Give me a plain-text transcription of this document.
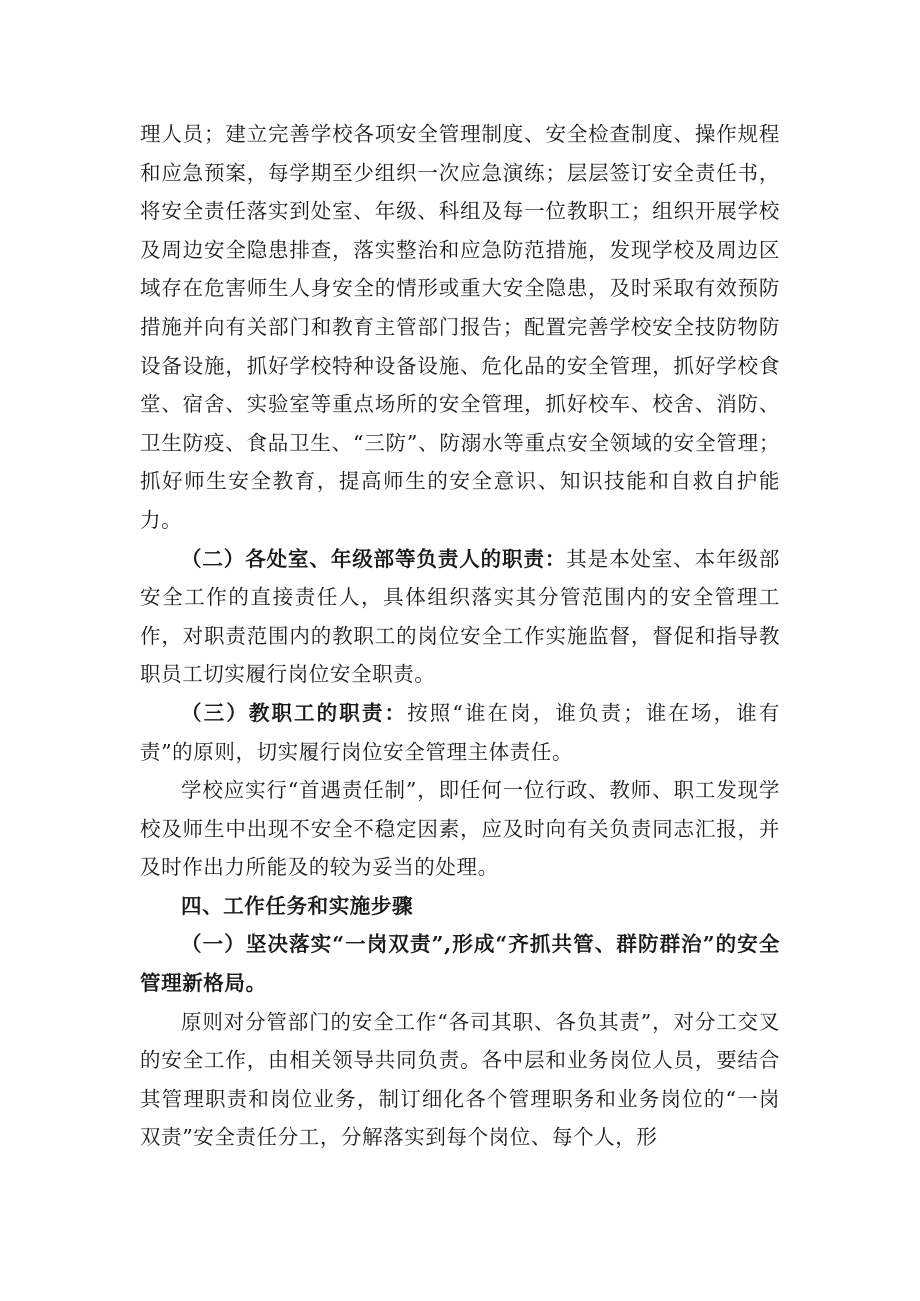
理人员；建立完善学校各项安全管理制度、安全检查制度、操作规程和应急预案，每学期至少组织一次应急演练；层层签订安全责任书，将安全责任落实到处室、年级、科组及每一位教职工；组织开展学校及周边安全隐患排查，落实整治和应急防范措施，发现学校及周边区域存在危害师生人身安全的情形或重大安全隐患，及时采取有效预防措施并向有关部门和教育主管部门报告；配置完善学校安全技防物防设备设施，抓好学校特种设备设施、危化品的安全管理，抓好学校食堂、宿舍、实验室等重点场所的安全管理，抓好校车、校舍、消防、卫生防疫、食品卫生、“三防”、防溺水等重点安全领域的安全管理；抓好师生安全教育，提高师生的安全意识、知识技能和自救自护能力。

（二）各处室、年级部等负责人的职责：其是本处室、本年级部安全工作的直接责任人，具体组织落实其分管范围内的安全管理工作，对职责范围内的教职工的岗位安全工作实施监督，督促和指导教职员工切实履行岗位安全职责。

（三）教职工的职责：按照“谁在岗，谁负责；谁在场，谁有责”的原则，切实履行岗位安全管理主体责任。

学校应实行“首遇责任制”，即任何一位行政、教师、职工发现学校及师生中出现不安全不稳定因素，应及时向有关负责同志汇报，并及时作出力所能及的较为妥当的处理。

四、工作任务和实施步骤

（一）坚决落实“一岗双责”,形成“齐抓共管、群防群治”的安全管理新格局。

原则对分管部门的安全工作“各司其职、各负其责”，对分工交叉的安全工作，由相关领导共同负责。各中层和业务岗位人员，要结合其管理职责和岗位业务，制订细化各个管理职务和业务岗位的“一岗双责”安全责任分工，分解落实到每个岗位、每个人，形
